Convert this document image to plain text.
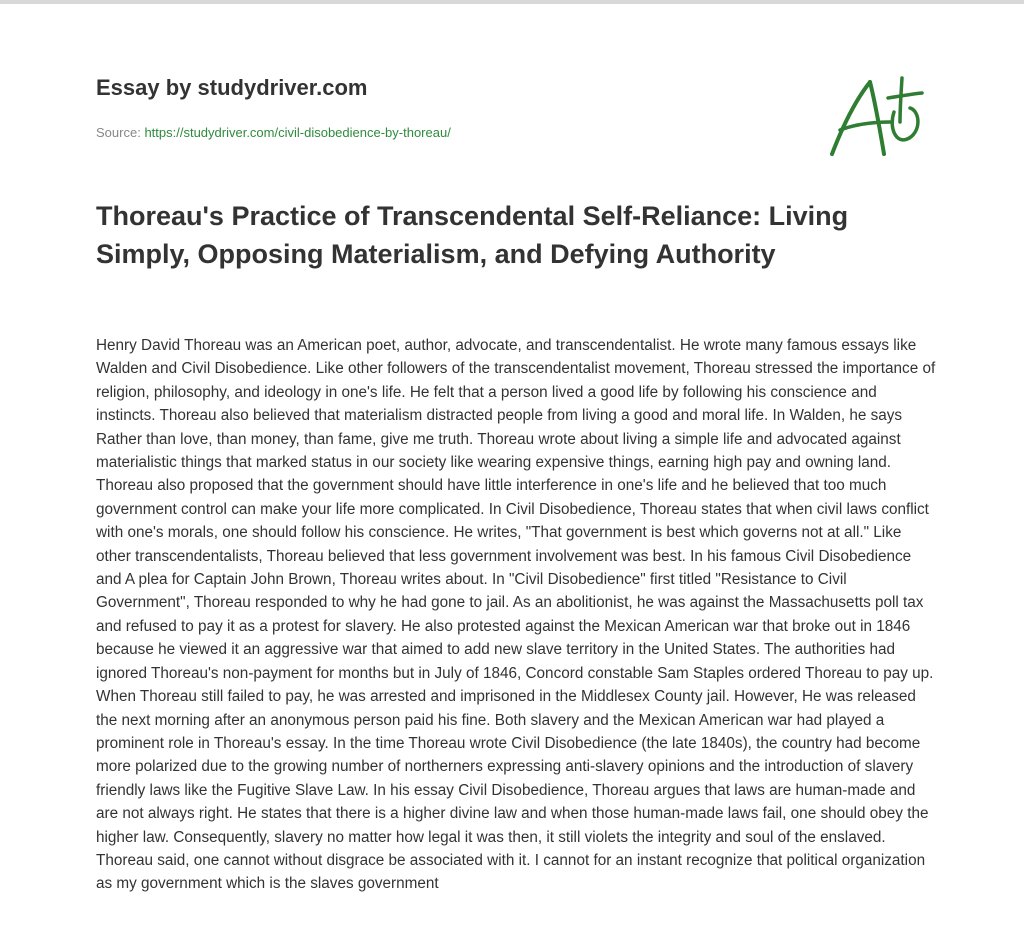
Essay by studydriver.com
Source: https://studydriver.com/civil-disobedience-by-thoreau/
Thoreau's Practice of Transcendental Self-Reliance: Living Simply, Opposing Materialism, and Defying Authority

Henry David Thoreau was an American poet, author, advocate, and transcendentalist. He wrote many famous essays like Walden and Civil Disobedience. Like other followers of the transcendentalist movement, Thoreau stressed the importance of religion, philosophy, and ideology in one's life. He felt that a person lived a good life by following his conscience and instincts. Thoreau also believed that materialism distracted people from living a good and moral life. In Walden, he says Rather than love, than money, than fame, give me truth. Thoreau wrote about living a simple life and advocated against materialistic things that marked status in our society like wearing expensive things, earning high pay and owning land. Thoreau also proposed that the government should have little interference in one's life and he believed that too much government control can make your life more complicated. In Civil Disobedience, Thoreau states that when civil laws conflict with one's morals, one should follow his conscience. He writes, "That government is best which governs not at all." Like other transcendentalists, Thoreau believed that less government involvement was best. In his famous Civil Disobedience and A plea for Captain John Brown, Thoreau writes about. In "Civil Disobedience" first titled "Resistance to Civil Government", Thoreau responded to why he had gone to jail. As an abolitionist, he was against the Massachusetts poll tax and refused to pay it as a protest for slavery. He also protested against the Mexican American war that broke out in 1846 because he viewed it an aggressive war that aimed to add new slave territory in the United States. The authorities had ignored Thoreau's non-payment for months but in July of 1846, Concord constable Sam Staples ordered Thoreau to pay up. When Thoreau still failed to pay, he was arrested and imprisoned in the Middlesex County jail. However, He was released the next morning after an anonymous person paid his fine. Both slavery and the Mexican American war had played a prominent role in Thoreau's essay. In the time Thoreau wrote Civil Disobedience (the late 1840s), the country had become more polarized due to the growing number of northerners expressing anti-slavery opinions and the introduction of slavery friendly laws like the Fugitive Slave Law. In his essay Civil Disobedience, Thoreau argues that laws are human-made and are not always right. He states that there is a higher divine law and when those human-made laws fail, one should obey the higher law. Consequently, slavery no matter how legal it was then, it still violets the integrity and soul of the enslaved. Thoreau said, one cannot without disgrace be associated with it. I cannot for an instant recognize that political organization as my government which is the slaves government
